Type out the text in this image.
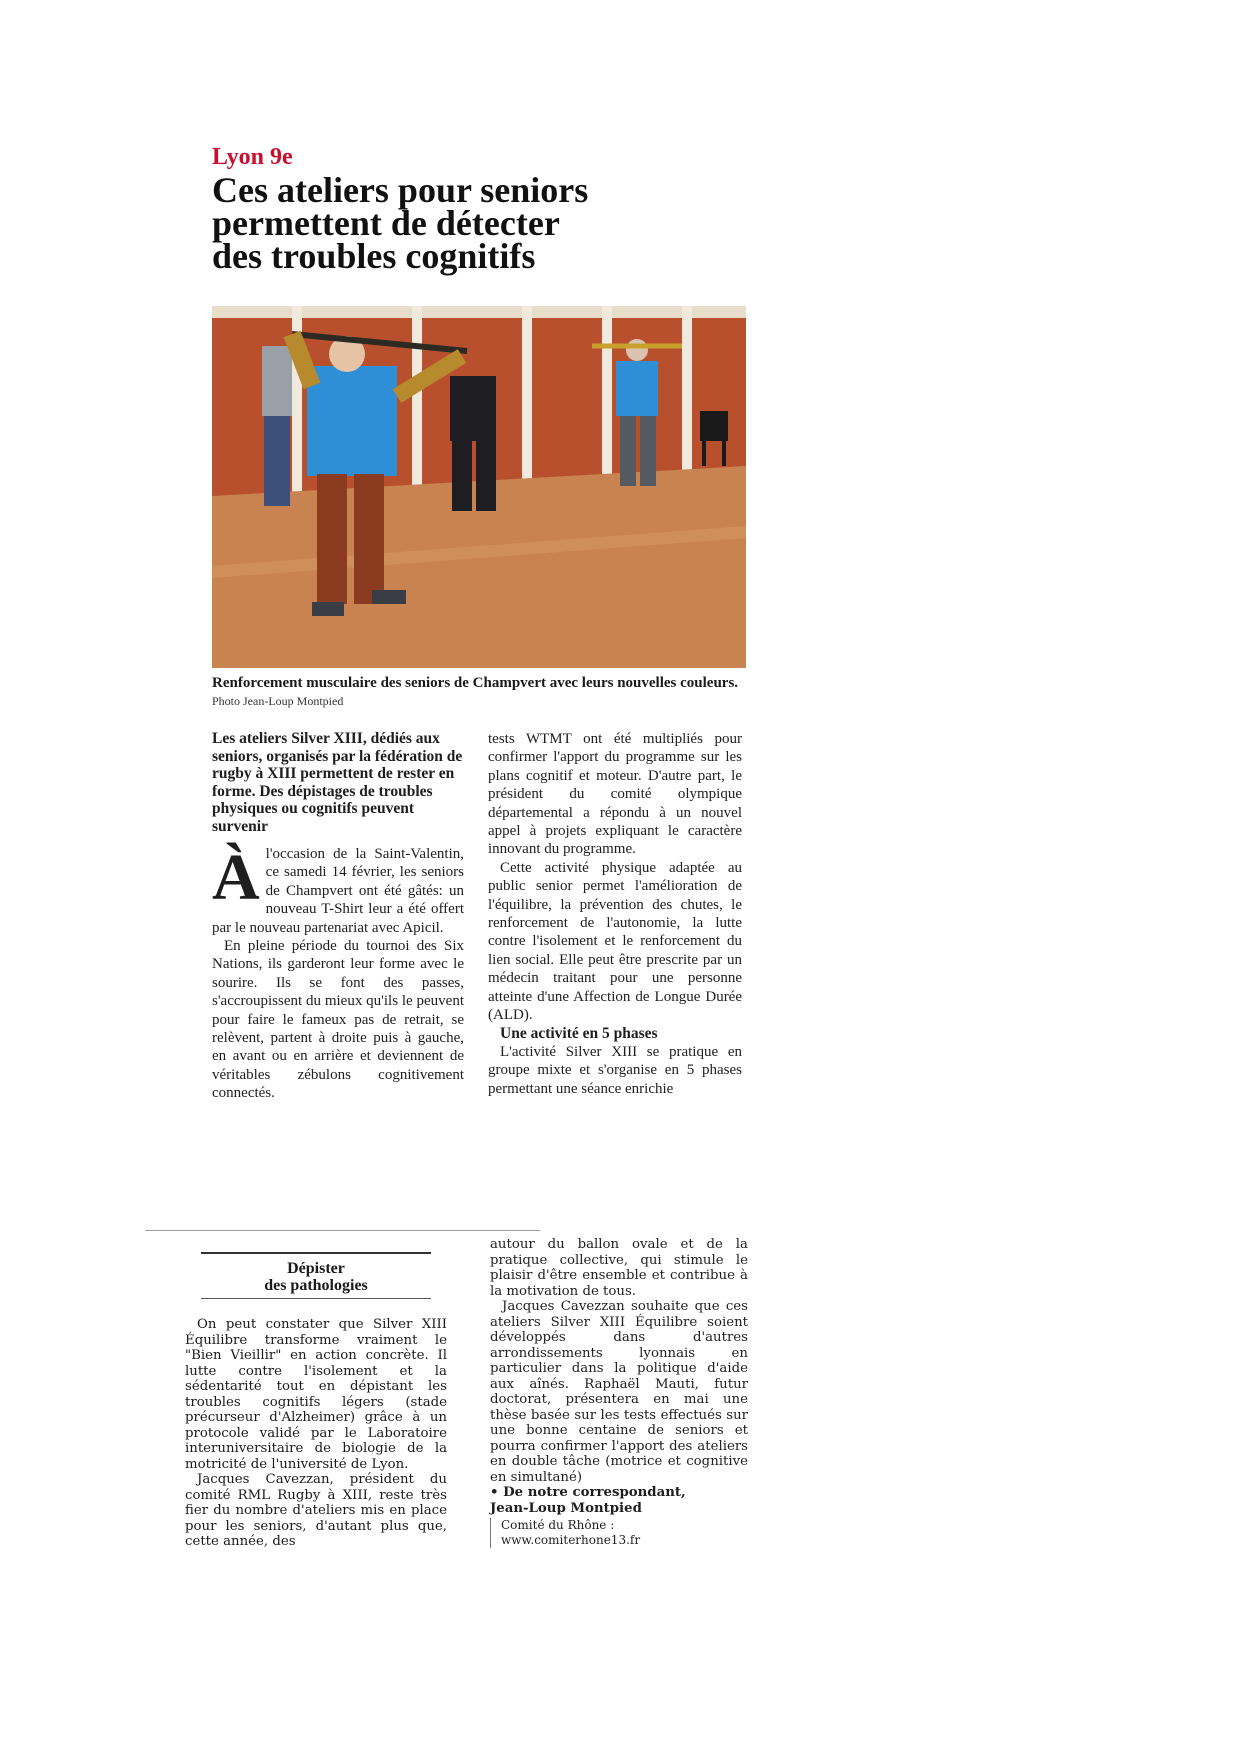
Lyon 9e
Ces ateliers pour seniors
permettent de détecter
des troubles cognitifs
Renforcement musculaire des seniors de Champvert avec leurs nouvelles couleurs. Photo Jean-Loup Montpied

Les ateliers Silver XIII, dédiés aux seniors, organisés par la fédération de rugby à XIII permettent de rester en forme. Des dépistages de troubles physiques ou cognitifs peuvent survenir

Àl'occasion de la Saint-Valentin, ce samedi 14 février, les seniors de Champvert ont été gâtés: un nouveau T-Shirt leur a été offert par le nouveau partenariat avec Apicil.

En pleine période du tournoi des Six Nations, ils garderont leur forme avec le sourire. Ils se font des passes, s'accroupissent du mieux qu'ils le peuvent pour faire le fameux pas de retrait, se relèvent, partent à droite puis à gauche, en avant ou en arrière et deviennent de véritables zébulons cognitivement connectés.

tests WTMT ont été multipliés pour confirmer l'apport du programme sur les plans cognitif et moteur. D'autre part, le président du comité olympique départemental a répondu à un nouvel appel à projets expliquant le caractère innovant du programme.

Cette activité physique adaptée au public senior permet l'amélioration de l'équilibre, la prévention des chutes, le renforcement de l'autonomie, la lutte contre l'isolement et le renforcement du lien social. Elle peut être prescrite par un médecin traitant pour une personne atteinte d'une Affection de Longue Durée (ALD).

Une activité en 5 phases

L'activité Silver XIII se pratique en groupe mixte et s'organise en 5 phases permettant une séance enrichie

Dépister
des pathologies

On peut constater que Silver XIII Équilibre transforme vraiment le "Bien Vieillir" en action concrète. Il lutte contre l'isolement et la sédentarité tout en dépistant les troubles cognitifs légers (stade précurseur d'Alzheimer) grâce à un protocole validé par le Laboratoire interuniversitaire de biologie de la motricité de l'université de Lyon.

Jacques Cavezzan, président du comité RML Rugby à XIII, reste très fier du nombre d'ateliers mis en place pour les seniors, d'autant plus que, cette année, des

autour du ballon ovale et de la pratique collective, qui stimule le plaisir d'être ensemble et contribue à la motivation de tous.

Jacques Cavezzan souhaite que ces ateliers Silver XIII Équilibre soient développés dans d'autres arrondissements lyonnais en particulier dans la politique d'aide aux aînés. Raphaël Mauti, futur doctorat, présentera en mai une thèse basée sur les tests effectués sur une bonne centaine de seniors et pourra confirmer l'apport des ateliers en double tâche (motrice et cognitive en simultané)

• De notre correspondant,

Jean-Loup Montpied

Comité du Rhône :
www.comiterhone13.fr
